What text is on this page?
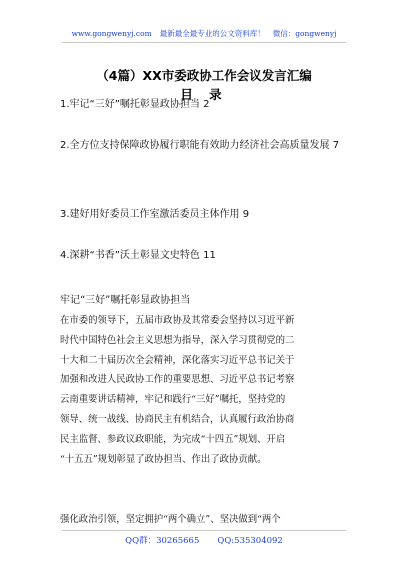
www.gongwenyj.com 最新最全最专业的公文资料库！ 微信：gongwenyj
（4篇）XX市委政协工作会议发言汇编
目 录
1.牢记“三好”嘱托彰显政协担当 2
2.全方位支持保障政协履行职能有效助力经济社会高质量发展 7
3.建好用好委员工作室激活委员主体作用 9
4.深耕“书香”沃土彰显文史特色 11
牢记“三好”嘱托彰显政协担当
在市委的领导下，五届市政协及其常委会坚持以习近平新
时代中国特色社会主义思想为指导，深入学习贯彻党的二
十大和二十届历次全会精神，深化落实习近平总书记关于
加强和改进人民政协工作的重要思想、习近平总书记考察
云南重要讲话精神，牢记和践行“三好”嘱托，坚持党的
领导、统一战线、协商民主有机结合，认真履行政治协商
民主监督、参政议政职能，为完成“十四五”规划、开启
“十五五”规划彰显了政协担当、作出了政协贡献。
强化政治引领，坚定拥护“两个确立”、坚决做到“两个
QQ群：30265665 QQ:535304092
